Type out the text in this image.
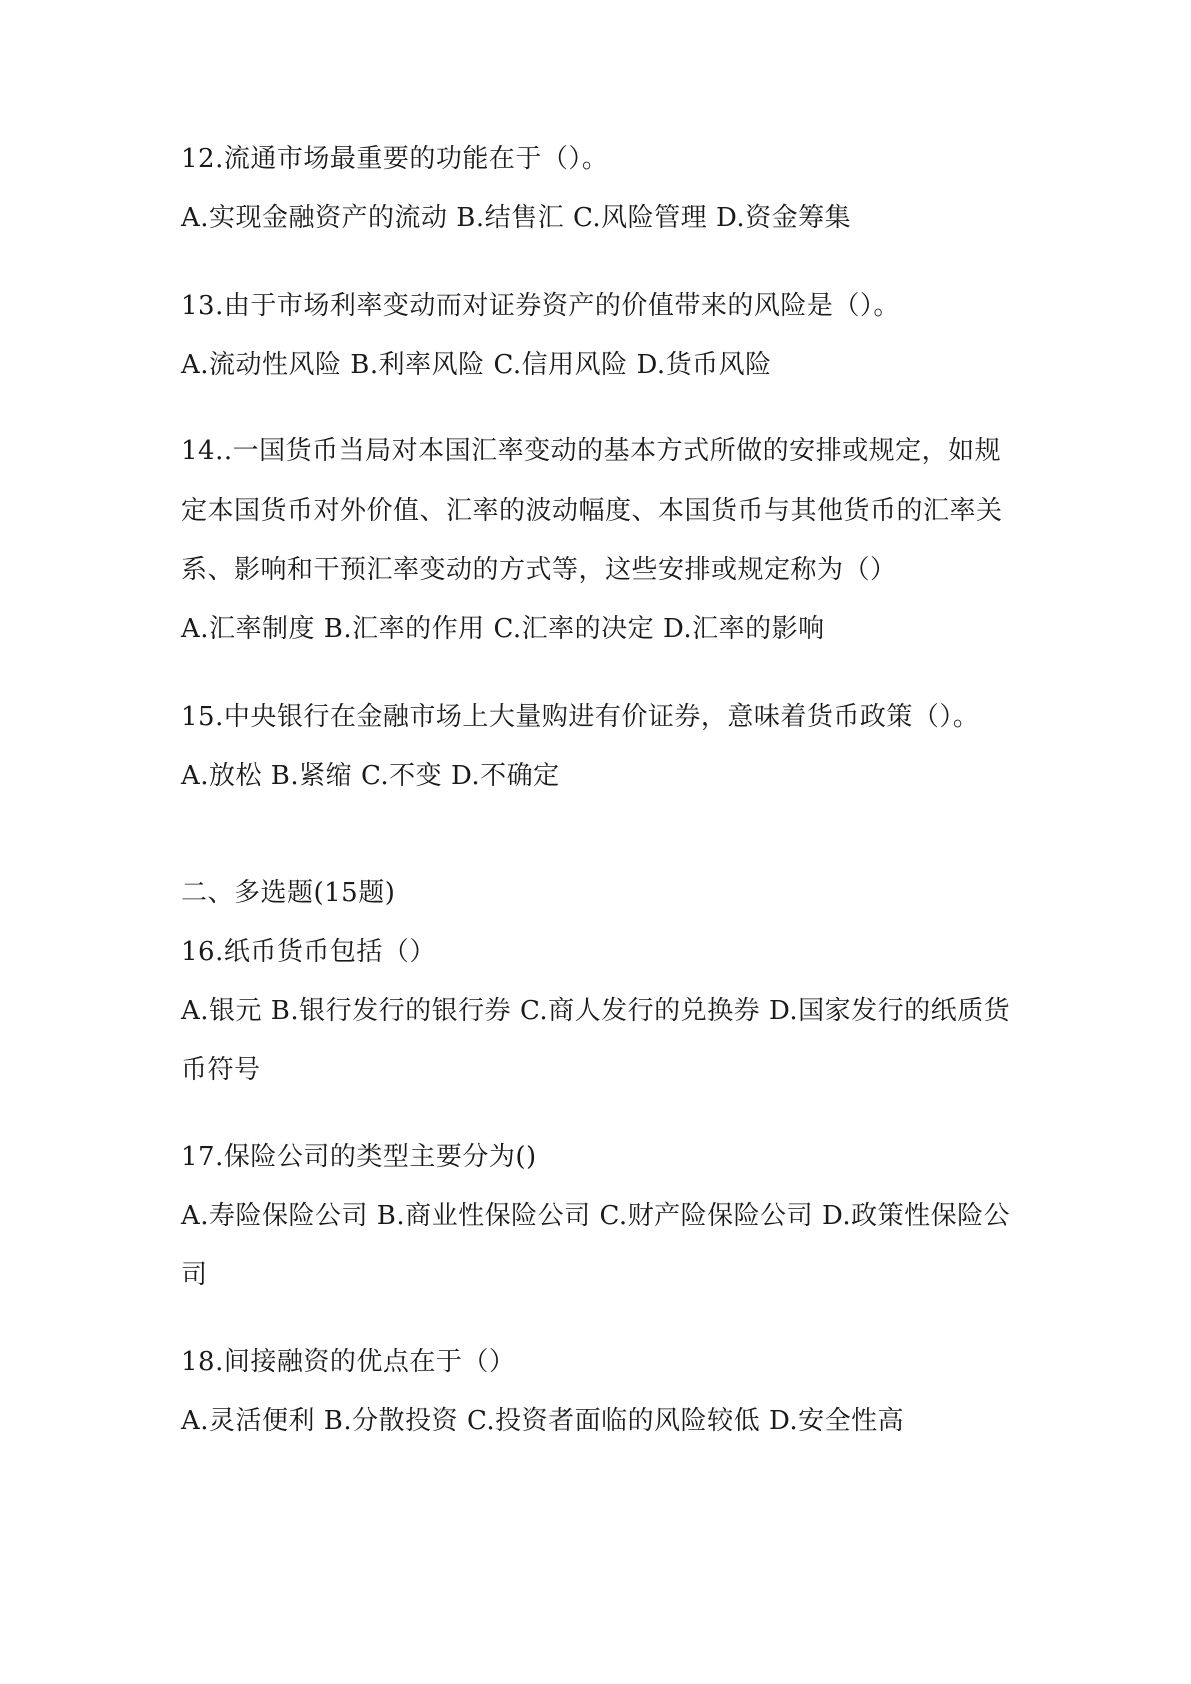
12.流通市场最重要的功能在于（）。
A.实现金融资产的流动 B.结售汇 C.风险管理 D.资金筹集
13.由于市场利率变动而对证券资产的价值带来的风险是（）。
A.流动性风险 B.利率风险 C.信用风险 D.货币风险
14..一国货币当局对本国汇率变动的基本方式所做的安排或规定，如规
定本国货币对外价值、汇率的波动幅度、本国货币与其他货币的汇率关
系、影响和干预汇率变动的方式等，这些安排或规定称为（）
A.汇率制度 B.汇率的作用 C.汇率的决定 D.汇率的影响
15.中央银行在金融市场上大量购进有价证券，意味着货币政策（）。
A.放松 B.紧缩 C.不变 D.不确定
二、多选题(15题)
16.纸币货币包括（）
A.银元 B.银行发行的银行券 C.商人发行的兑换券 D.国家发行的纸质货
币符号
17.保险公司的类型主要分为()
A.寿险保险公司 B.商业性保险公司 C.财产险保险公司 D.政策性保险公
司
18.间接融资的优点在于（）
A.灵活便利 B.分散投资 C.投资者面临的风险较低 D.安全性高
